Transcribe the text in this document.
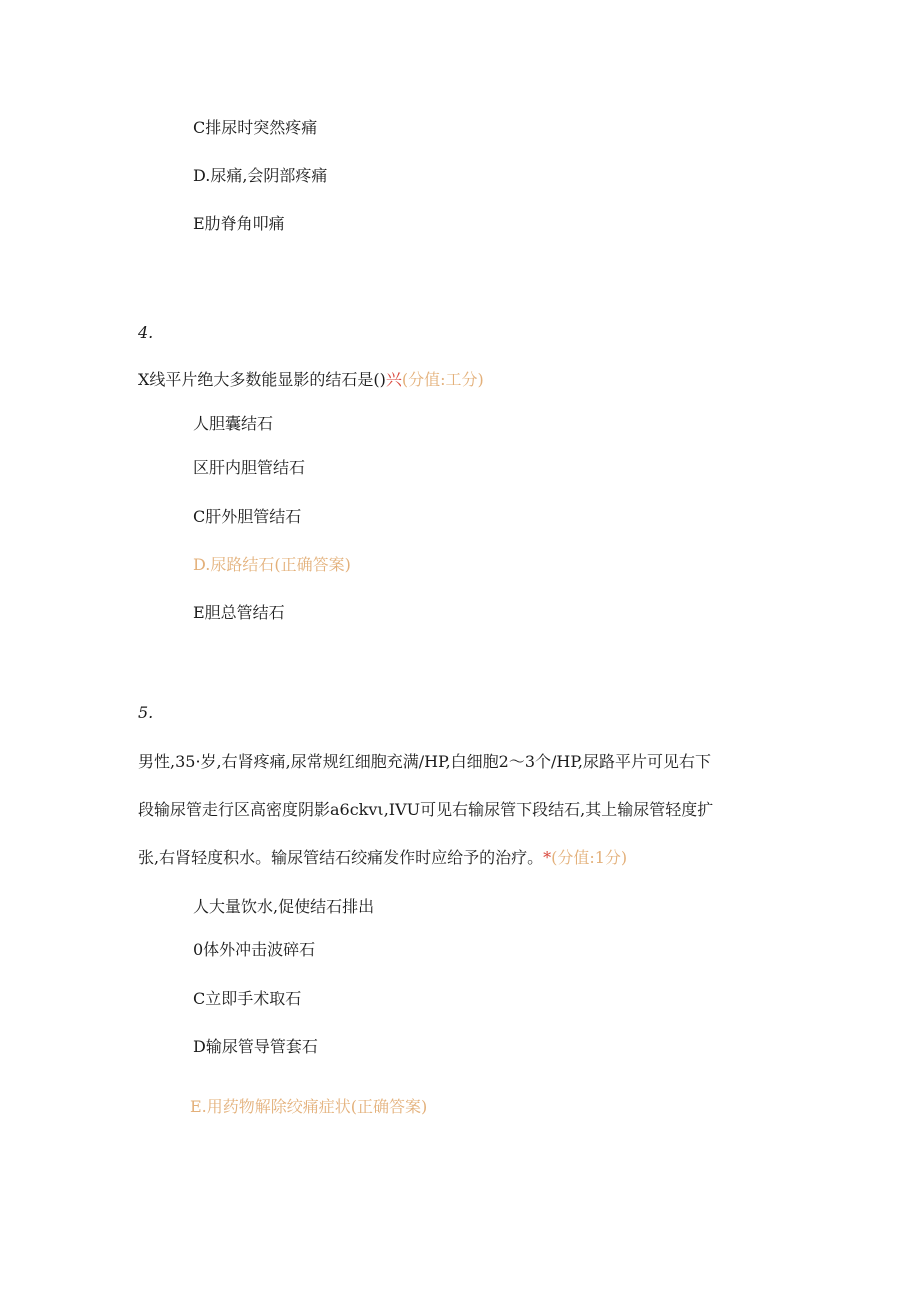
C排尿时突然疼痛
D.尿痛,会阴部疼痛
E肋脊角叩痛
4.
X线平片绝大多数能显影的结石是()兴(分值:工分)
人胆囊结石
区肝内胆管结石
C肝外胆管结石
D.尿路结石(正确答案)
E胆总管结石
5.
男性,35·岁,右肾疼痛,尿常规红细胞充满/HP,白细胞2〜3个/HP,尿路平片可见右下
段输尿管走行区高密度阴影a6ckvι,IVU可见右输尿管下段结石,其上输尿管轻度扩
张,右肾轻度积水。输尿管结石绞痛发作时应给予的治疗。*(分值:1分)
人大量饮水,促使结石排出
0体外冲击波碎石
C立即手术取石
D输尿管导管套石
E.用药物解除绞痛症状(正确答案)
